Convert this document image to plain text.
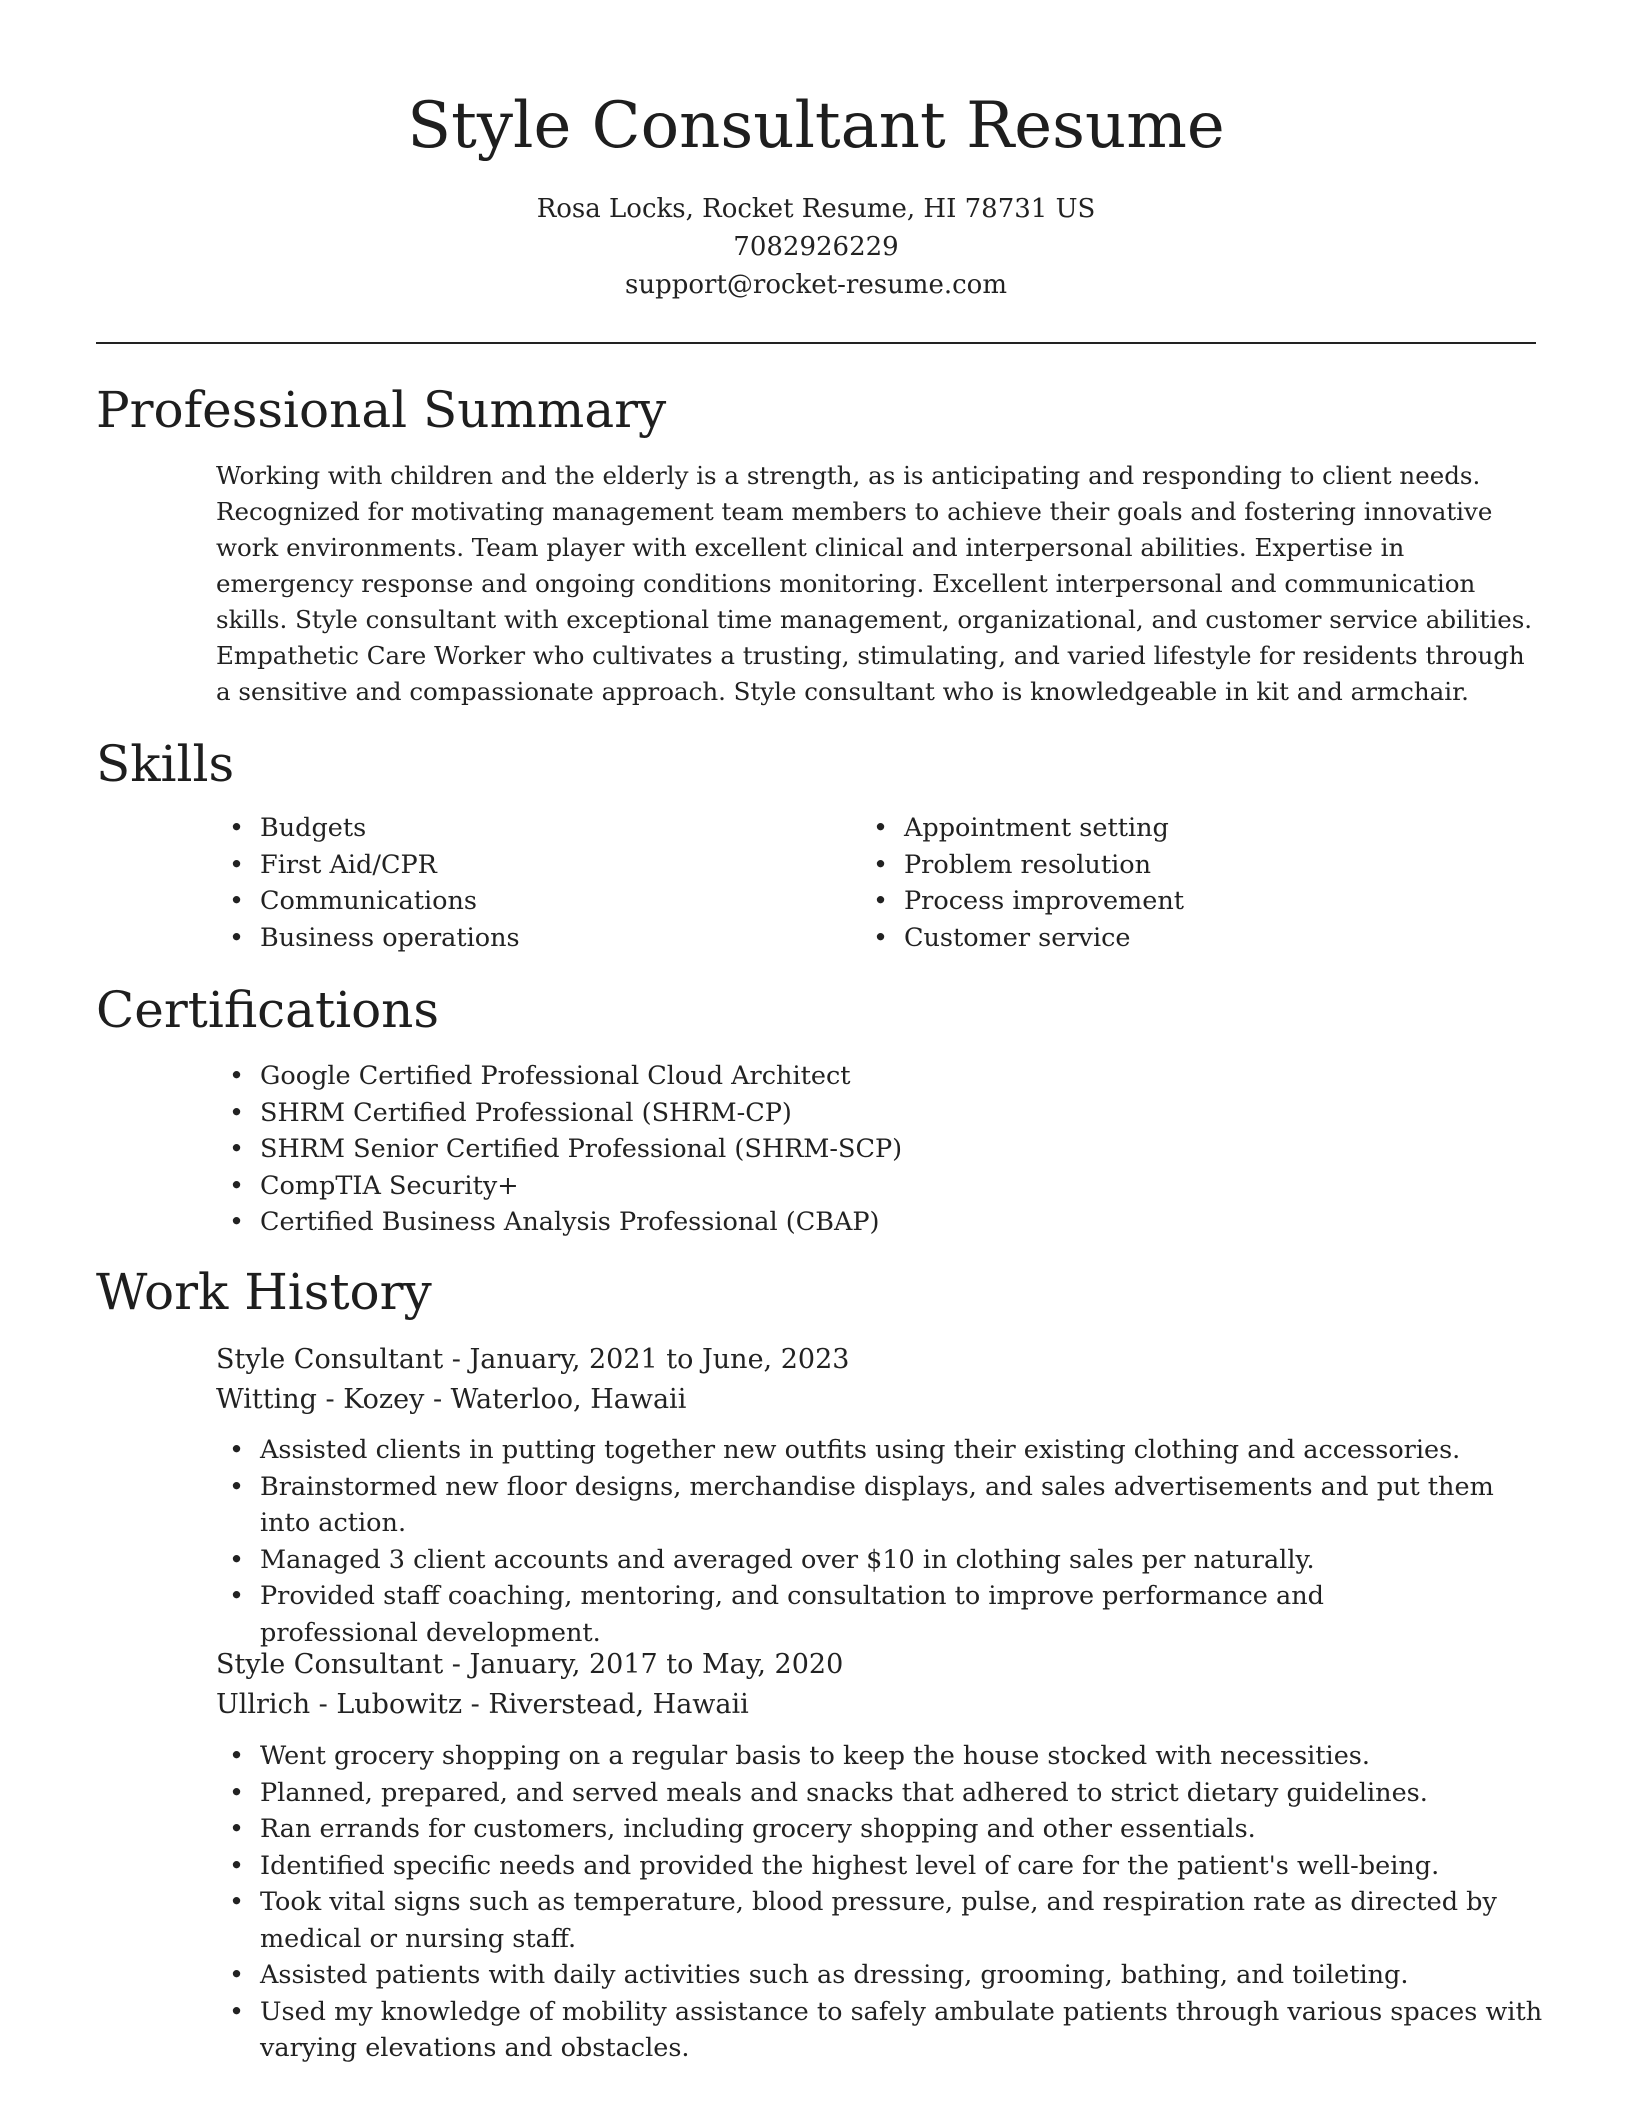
Style Consultant Resume
Rosa Locks, Rocket Resume, HI 78731 US
7082926229
support@rocket-resume.com
Professional Summary
Working with children and the elderly is a strength, as is anticipating and responding to client needs. Recognized for motivating management team members to achieve their goals and fostering innovative work environments. Team player with excellent clinical and interpersonal abilities. Expertise in emergency response and ongoing conditions monitoring. Excellent interpersonal and communication skills. Style consultant with exceptional time management, organizational, and customer service abilities. Empathetic Care Worker who cultivates a trusting, stimulating, and varied lifestyle for residents through a sensitive and compassionate approach. Style consultant who is knowledgeable in kit and armchair.
Skills
• Budgets
• First Aid/CPR
• Communications
• Business operations
• Appointment setting
• Problem resolution
• Process improvement
• Customer service
Certifications
• Google Certified Professional Cloud Architect
• SHRM Certified Professional (SHRM-CP)
• SHRM Senior Certified Professional (SHRM-SCP)
• CompTIA Security+
• Certified Business Analysis Professional (CBAP)
Work History
Style Consultant - January, 2021 to June, 2023
Witting - Kozey - Waterloo, Hawaii
• Assisted clients in putting together new outfits using their existing clothing and accessories.
• Brainstormed new floor designs, merchandise displays, and sales advertisements and put them into action.
• Managed 3 client accounts and averaged over $10 in clothing sales per naturally.
• Provided staff coaching, mentoring, and consultation to improve performance and professional development.
Style Consultant - January, 2017 to May, 2020
Ullrich - Lubowitz - Riverstead, Hawaii
• Went grocery shopping on a regular basis to keep the house stocked with necessities.
• Planned, prepared, and served meals and snacks that adhered to strict dietary guidelines.
• Ran errands for customers, including grocery shopping and other essentials.
• Identified specific needs and provided the highest level of care for the patient's well-being.
• Took vital signs such as temperature, blood pressure, pulse, and respiration rate as directed by medical or nursing staff.
• Assisted patients with daily activities such as dressing, grooming, bathing, and toileting.
• Used my knowledge of mobility assistance to safely ambulate patients through various spaces with varying elevations and obstacles.
